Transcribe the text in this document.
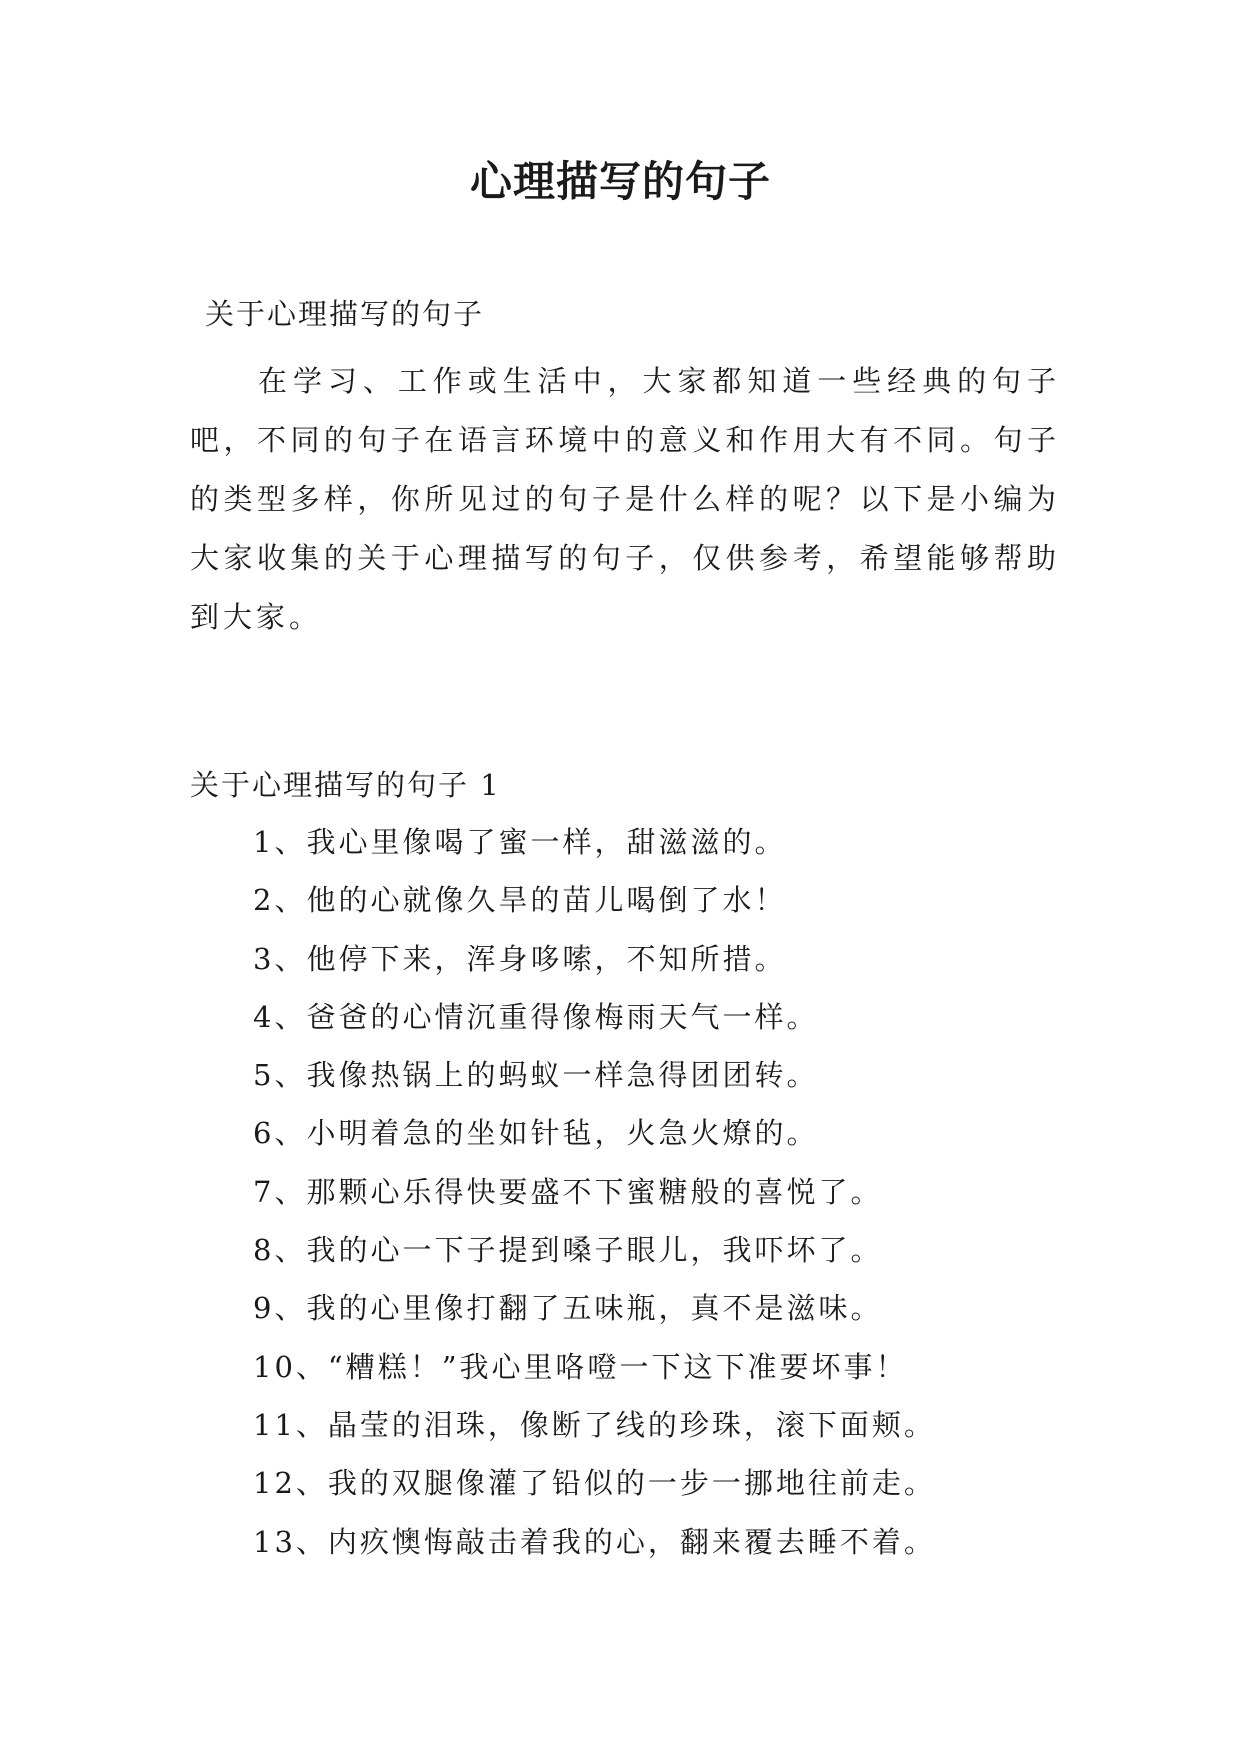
心理描写的句子

关于心理描写的句子

在学习、工作或生活中，大家都知道一些经典的句子吧，不同的句子在语言环境中的意义和作用大有不同。句子的类型多样，你所见过的句子是什么样的呢？以下是小编为大家收集的关于心理描写的句子，仅供参考，希望能够帮助到大家。

关于心理描写的句子 1

1、我心里像喝了蜜一样，甜滋滋的。
2、他的心就像久旱的苗儿喝倒了水！
3、他停下来，浑身哆嗦，不知所措。
4、爸爸的心情沉重得像梅雨天气一样。
5、我像热锅上的蚂蚁一样急得团团转。
6、小明着急的坐如针毡，火急火燎的。
7、那颗心乐得快要盛不下蜜糖般的喜悦了。
8、我的心一下子提到嗓子眼儿，我吓坏了。
9、我的心里像打翻了五味瓶，真不是滋味。
10、“糟糕！”我心里咯噔一下这下准要坏事！
11、晶莹的泪珠，像断了线的珍珠，滚下面颊。
12、我的双腿像灌了铅似的一步一挪地往前走。
13、内疚懊悔敲击着我的心，翻来覆去睡不着。
